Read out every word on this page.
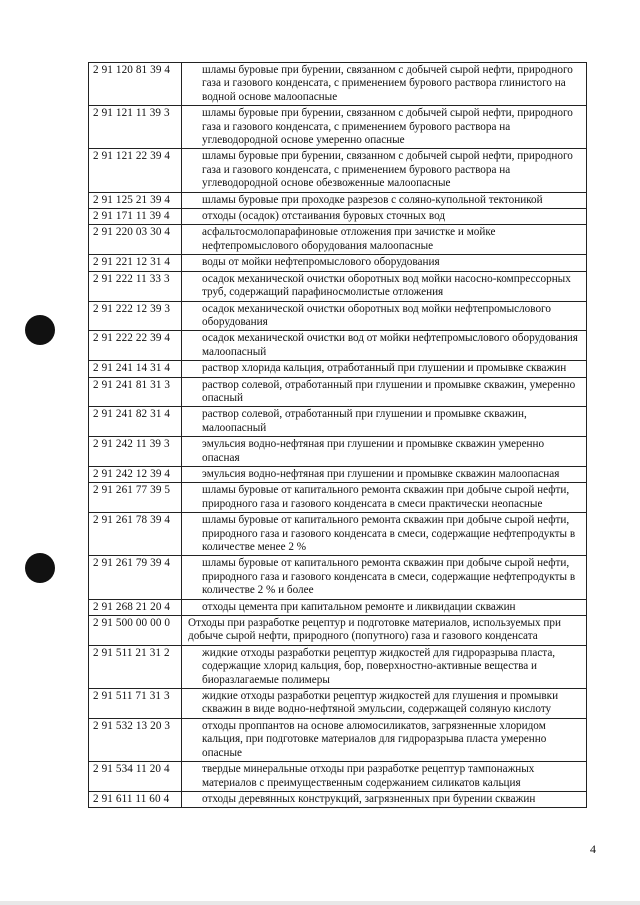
2 91 120 81 39 4	шламы буровые при бурении, связанном с добычей сырой нефти, природного газа и газового конденсата, с применением бурового раствора глинистого на водной основе малоопасные
2 91 121 11 39 3	шламы буровые при бурении, связанном с добычей сырой нефти, природного газа и газового конденсата, с применением бурового раствора на углеводородной основе умеренно опасные
2 91 121 22 39 4	шламы буровые при бурении, связанном с добычей сырой нефти, природного газа и газового конденсата, с применением бурового раствора на углеводородной основе обезвоженные малоопасные
2 91 125 21 39 4	шламы буровые при проходке разрезов с соляно-купольной тектоникой
2 91 171 11 39 4	отходы (осадок) отстаивания буровых сточных вод
2 91 220 03 30 4	асфальтосмолопарафиновые отложения при зачистке и мойке нефтепромыслового оборудования малоопасные
2 91 221 12 31 4	воды от мойки нефтепромыслового оборудования
2 91 222 11 33 3	осадок механической очистки оборотных вод мойки насосно-компрессорных труб, содержащий парафиносмолистые отложения
2 91 222 12 39 3	осадок механической очистки оборотных вод мойки нефтепромыслового оборудования
2 91 222 22 39 4	осадок механической очистки вод от мойки нефтепромыслового оборудования малоопасный
2 91 241 14 31 4	раствор хлорида кальция, отработанный при глушении и промывке скважин
2 91 241 81 31 3	раствор солевой, отработанный при глушении и промывке скважин, умеренно опасный
2 91 241 82 31 4	раствор солевой, отработанный при глушении и промывке скважин, малоопасный
2 91 242 11 39 3	эмульсия водно-нефтяная при глушении и промывке скважин умеренно опасная
2 91 242 12 39 4	эмульсия водно-нефтяная при глушении и промывке скважин малоопасная
2 91 261 77 39 5	шламы буровые от капитального ремонта скважин при добыче сырой нефти, природного газа и газового конденсата в смеси практически неопасные
2 91 261 78 39 4	шламы буровые от капитального ремонта скважин при добыче сырой нефти, природного газа и газового конденсата в смеси, содержащие нефтепродукты в количестве менее 2 %
2 91 261 79 39 4	шламы буровые от капитального ремонта скважин при добыче сырой нефти, природного газа и газового конденсата в смеси, содержащие нефтепродукты в количестве 2 % и более
2 91 268 21 20 4	отходы цемента при капитальном ремонте и ликвидации скважин
2 91 500 00 00 0	Отходы при разработке рецептур и подготовке материалов, используемых при добыче сырой нефти, природного (попутного) газа и газового конденсата
2 91 511 21 31 2	жидкие отходы разработки рецептур жидкостей для гидроразрыва пласта, содержащие хлорид кальция, бор, поверхностно-активные вещества и биоразлагаемые полимеры
2 91 511 71 31 3	жидкие отходы разработки рецептур жидкостей для глушения и промывки скважин в виде водно-нефтяной эмульсии, содержащей соляную кислоту
2 91 532 13 20 3	отходы проппантов на основе алюмосиликатов, загрязненные хлоридом кальция, при подготовке материалов для гидроразрыва пласта умеренно опасные
2 91 534 11 20 4	твердые минеральные отходы при разработке рецептур тампонажных материалов с преимущественным содержанием силикатов кальция
2 91 611 11 60 4	отходы деревянных конструкций, загрязненных при бурении скважин
4
